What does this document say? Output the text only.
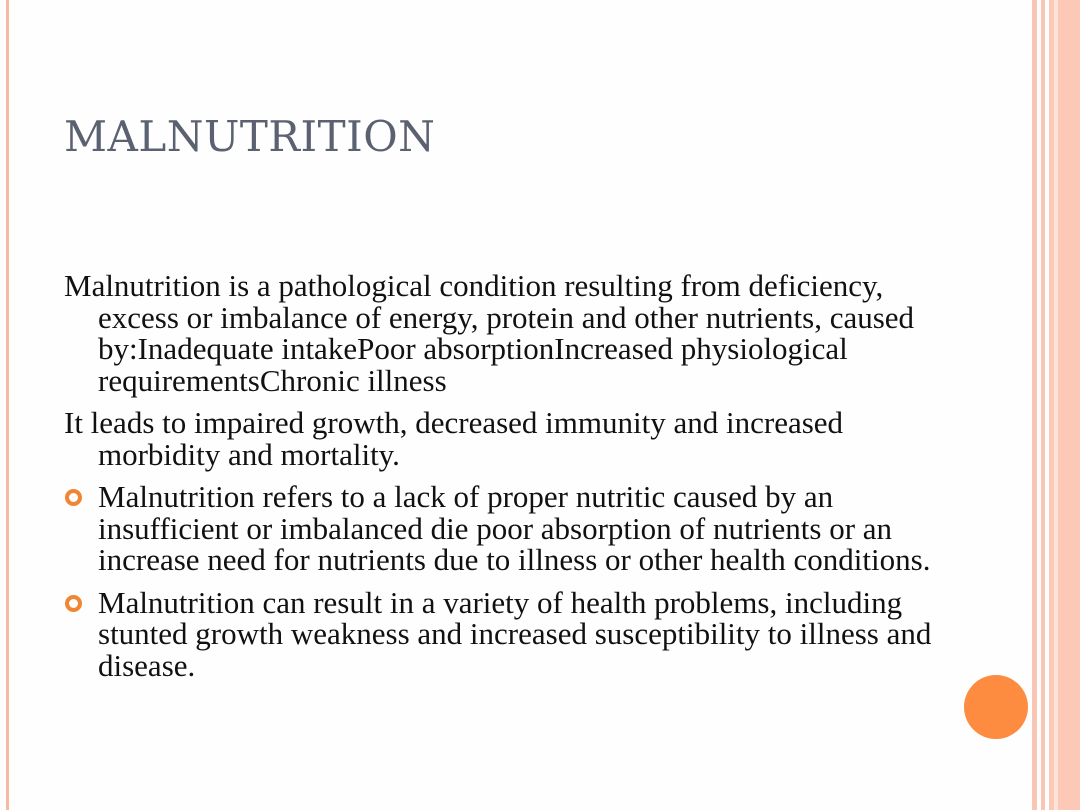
MALNUTRITION

Malnutrition is a pathological condition resulting from deficiency, excess or imbalance of energy, protein and other nutrients, caused by:Inadequate intakePoor absorptionIncreased physiological requirementsChronic illness

It leads to impaired growth, decreased immunity and increased morbidity and mortality.

Malnutrition refers to a lack of proper nutritic caused by an insufficient or imbalanced die poor absorption of nutrients or an increase need for nutrients due to illness or other health conditions.
Malnutrition can result in a variety of health problems, including stunted growth weakness and increased susceptibility to illness and disease.
